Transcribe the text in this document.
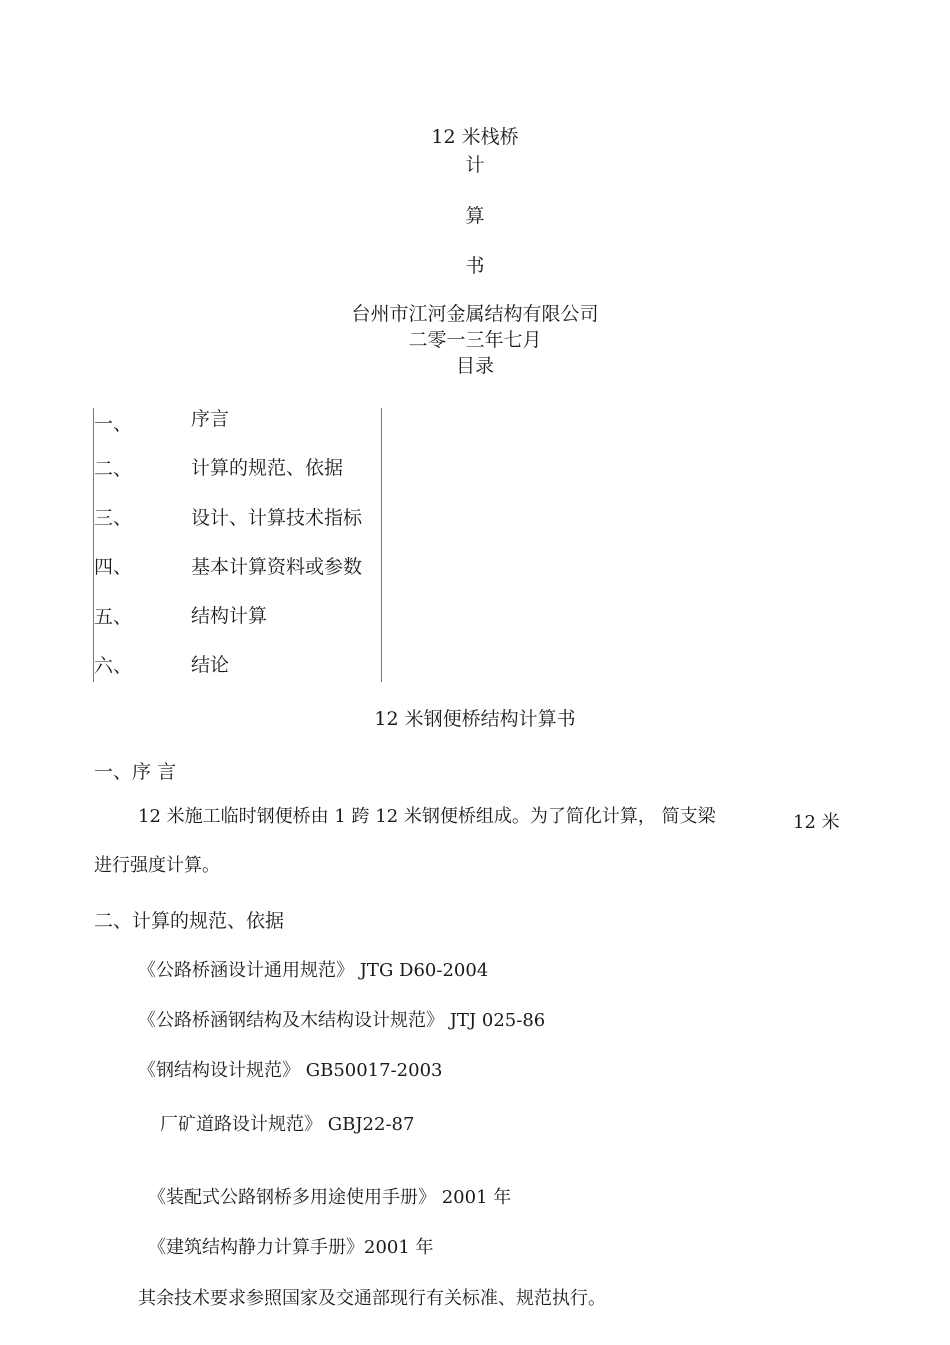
12 米栈桥
计
算
书
台州市江河金属结构有限公司
二零一三年七月
目录
一、	序言
二、	计算的规范、依据
三、	设计、计算技术指标
四、	基本计算资料或参数
五、	结构计算
六、	结论
12 米钢便桥结构计算书
一、序 言
12 米施工临时钢便桥由 1 跨 12 米钢便桥组成。为了简化计算， 简支梁	12 米
进行强度计算。
二、计算的规范、依据
《公路桥涵设计通用规范》 JTG D60-2004
《公路桥涵钢结构及木结构设计规范》 JTJ 025-86
《钢结构设计规范》 GB50017-2003
厂矿道路设计规范》 GBJ22-87
《装配式公路钢桥多用途使用手册》 2001 年
《建筑结构静力计算手册》2001 年
其余技术要求参照国家及交通部现行有关标准、规范执行。
